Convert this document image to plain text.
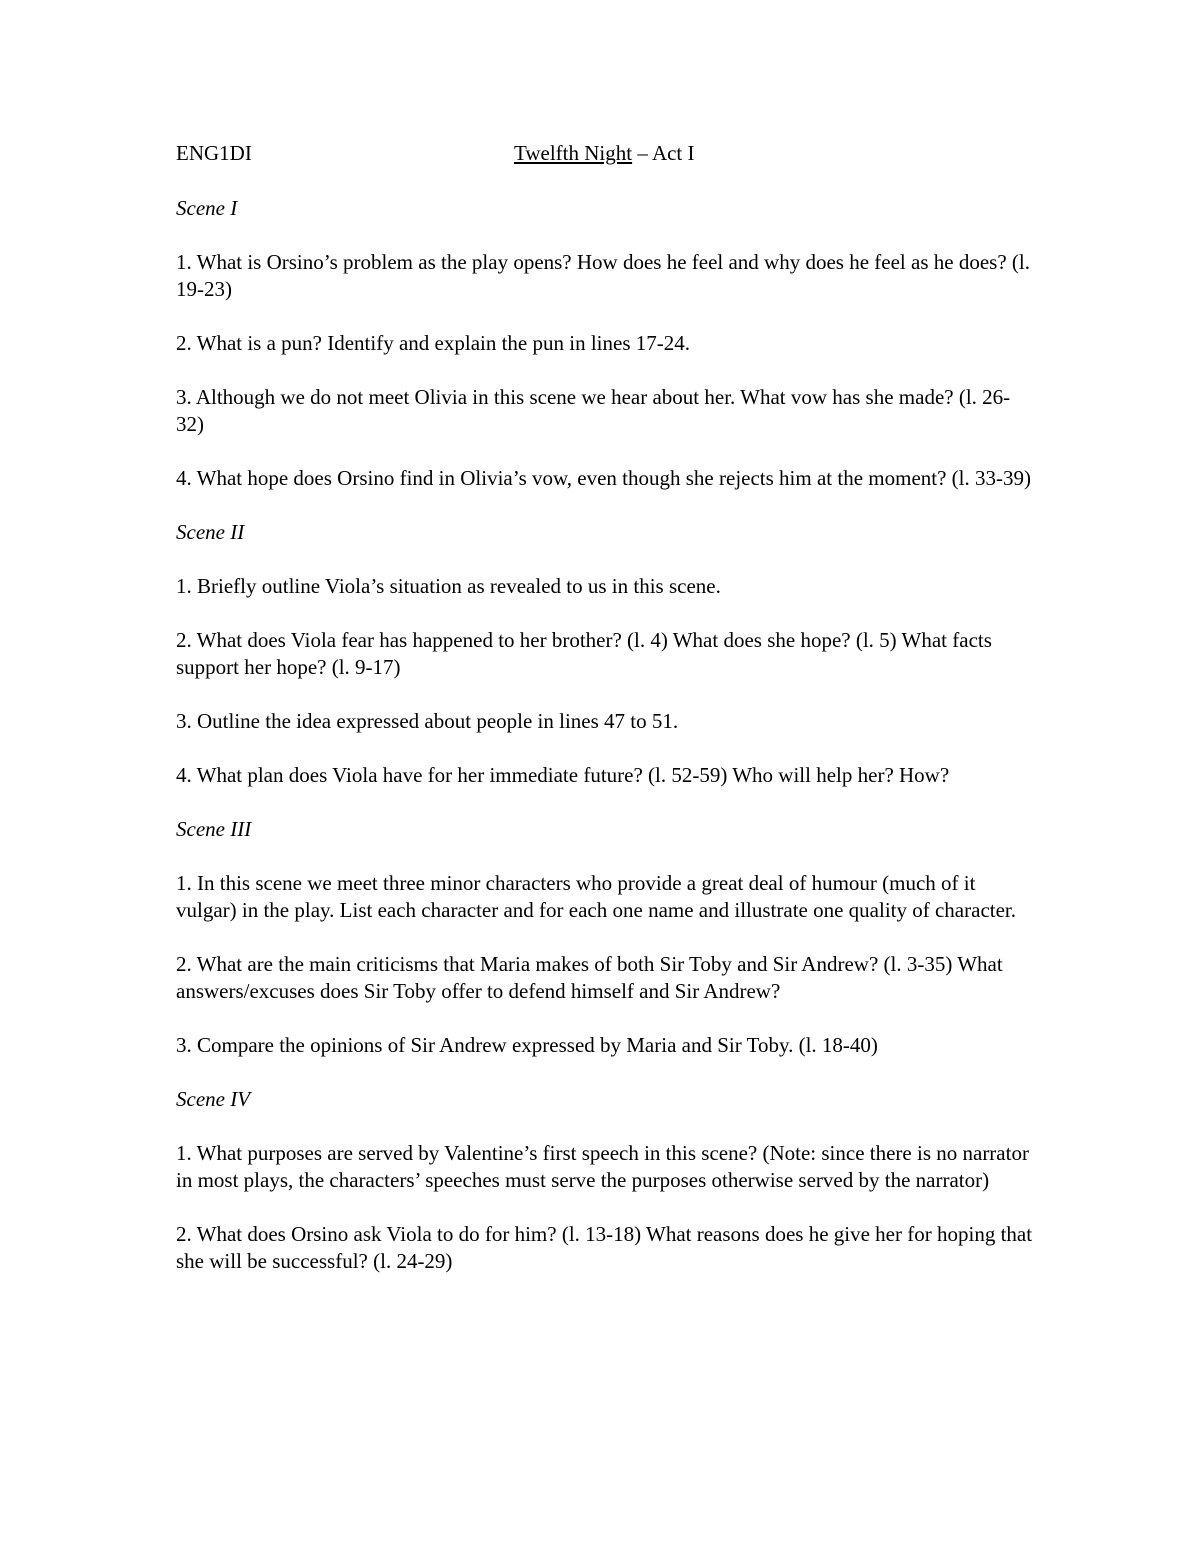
ENG1DI	Twelfth Night – Act I

Scene I

1. What is Orsino’s problem as the play opens? How does he feel and why does he feel as he does? (l. 19-23)

2. What is a pun? Identify and explain the pun in lines 17-24.

3. Although we do not meet Olivia in this scene we hear about her. What vow has she made? (l. 26-32)

4. What hope does Orsino find in Olivia’s vow, even though she rejects him at the moment? (l. 33-39)

Scene II

1. Briefly outline Viola’s situation as revealed to us in this scene.

2. What does Viola fear has happened to her brother? (l. 4) What does she hope? (l. 5) What facts support her hope? (l. 9-17)

3. Outline the idea expressed about people in lines 47 to 51.

4. What plan does Viola have for her immediate future? (l. 52-59) Who will help her? How?

Scene III

1. In this scene we meet three minor characters who provide a great deal of humour (much of it vulgar) in the play. List each character and for each one name and illustrate one quality of character.

2. What are the main criticisms that Maria makes of both Sir Toby and Sir Andrew? (l. 3-35) What answers/excuses does Sir Toby offer to defend himself and Sir Andrew?

3. Compare the opinions of Sir Andrew expressed by Maria and Sir Toby. (l. 18-40)

Scene IV

1. What purposes are served by Valentine’s first speech in this scene? (Note: since there is no narrator in most plays, the characters’ speeches must serve the purposes otherwise served by the narrator)

2. What does Orsino ask Viola to do for him? (l. 13-18) What reasons does he give her for hoping that she will be successful? (l. 24-29)
